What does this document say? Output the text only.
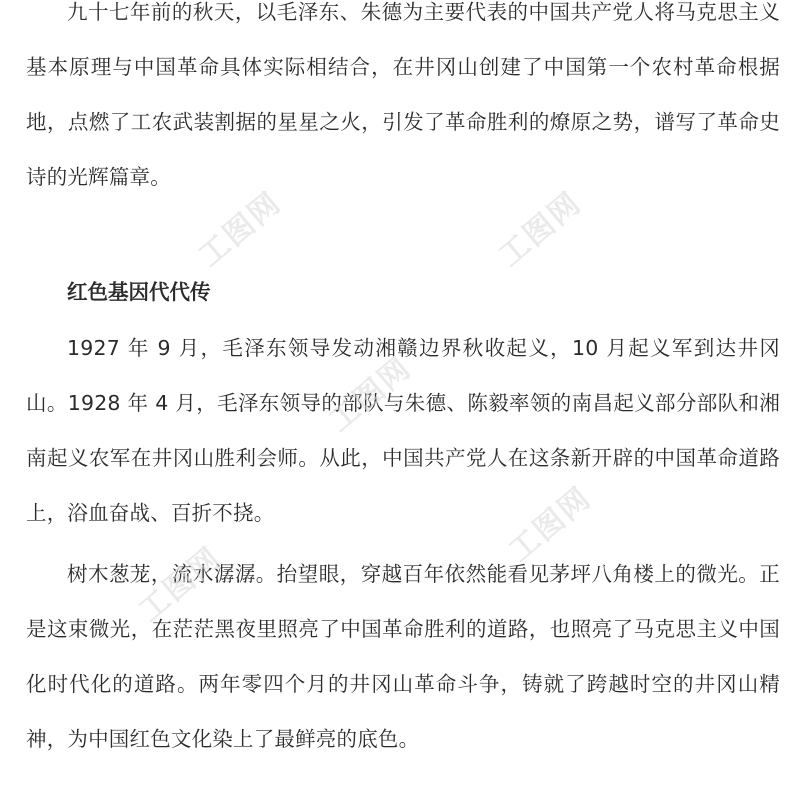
九十七年前的秋天，以毛泽东、朱德为主要代表的中国共产党人将马克思主义基本原理与中国革命具体实际相结合，在井冈山创建了中国第一个农村革命根据地，点燃了工农武装割据的星星之火，引发了革命胜利的燎原之势，谱写了革命史诗的光辉篇章。

红色基因代代传

1927 年 9 月，毛泽东领导发动湘赣边界秋收起义，10 月起义军到达井冈山。1928 年 4 月，毛泽东领导的部队与朱德、陈毅率领的南昌起义部分部队和湘南起义农军在井冈山胜利会师。从此，中国共产党人在这条新开辟的中国革命道路上，浴血奋战、百折不挠。

树木葱茏，流水潺潺。抬望眼，穿越百年依然能看见茅坪八角楼上的微光。正是这束微光，在茫茫黑夜里照亮了中国革命胜利的道路，也照亮了马克思主义中国化时代化的道路。两年零四个月的井冈山革命斗争，铸就了跨越时空的井冈山精神，为中国红色文化染上了最鲜亮的底色。

工图网	工图网
工图网
工图网
工图网
